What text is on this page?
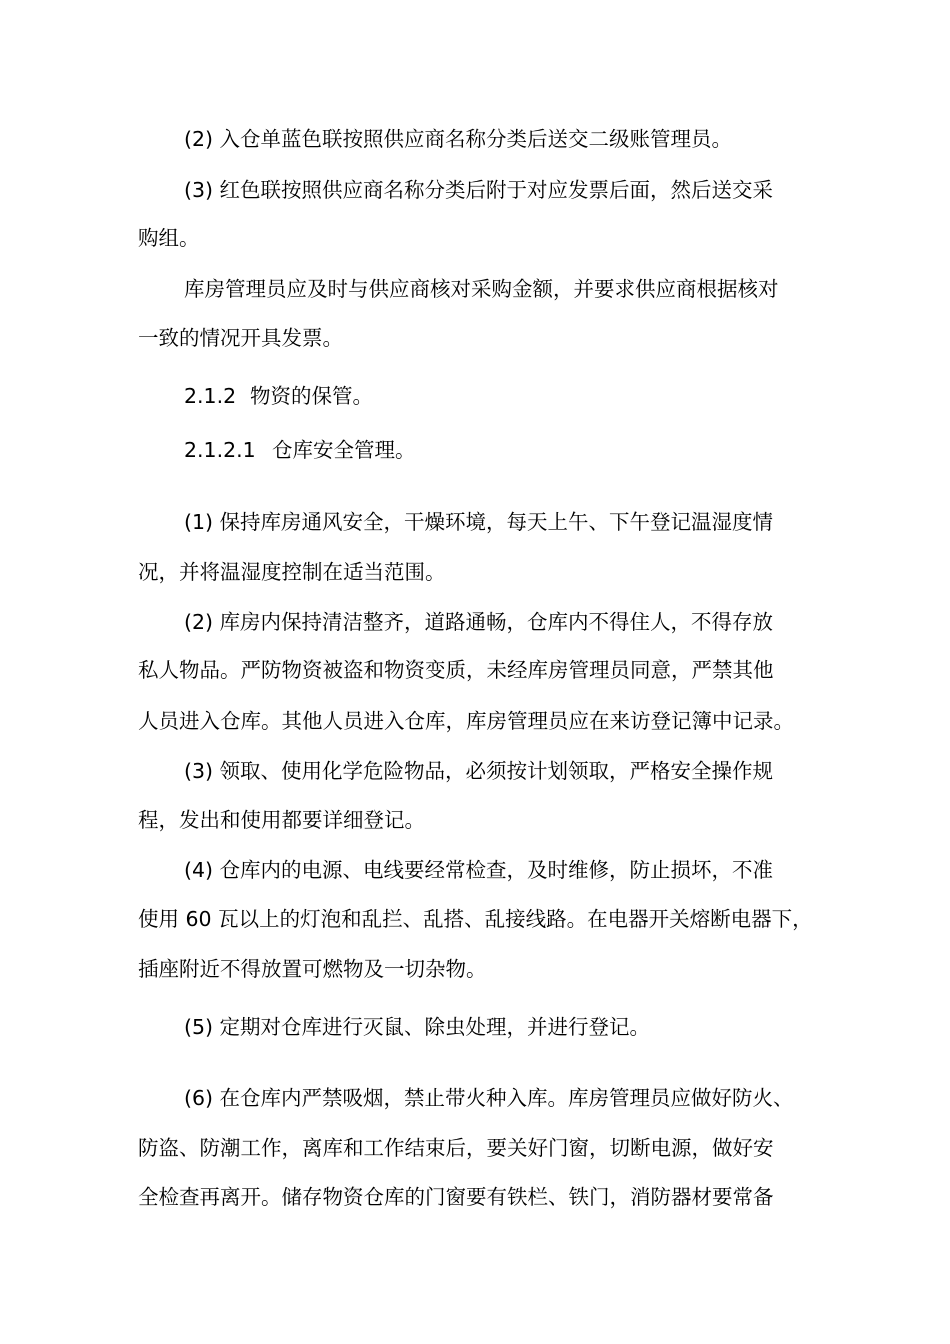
(2) 入仓单蓝色联按照供应商名称分类后送交二级账管理员。
(3) 红色联按照供应商名称分类后附于对应发票后面，然后送交采
购组。
库房管理员应及时与供应商核对采购金额，并要求供应商根据核对
一致的情况开具发票。
2.1.2 物资的保管。
2.1.2.1 仓库安全管理。
(1) 保持库房通风安全，干燥环境，每天上午、下午登记温湿度情
况，并将温湿度控制在适当范围。
(2) 库房内保持清洁整齐，道路通畅，仓库内不得住人，不得存放
私人物品。严防物资被盗和物资变质，未经库房管理员同意，严禁其他
人员进入仓库。其他人员进入仓库，库房管理员应在来访登记簿中记录。
(3) 领取、使用化学危险物品，必须按计划领取，严格安全操作规
程，发出和使用都要详细登记。
(4) 仓库内的电源、电线要经常检查，及时维修，防止损坏，不准
使用 60 瓦以上的灯泡和乱拦、乱搭、乱接线路。在电器开关熔断电器下，
插座附近不得放置可燃物及一切杂物。
(5) 定期对仓库进行灭鼠、除虫处理，并进行登记。
(6) 在仓库内严禁吸烟，禁止带火种入库。库房管理员应做好防火、
防盗、防潮工作，离库和工作结束后，要关好门窗，切断电源，做好安
全检查再离开。储存物资仓库的门窗要有铁栏、铁门，消防器材要常备
